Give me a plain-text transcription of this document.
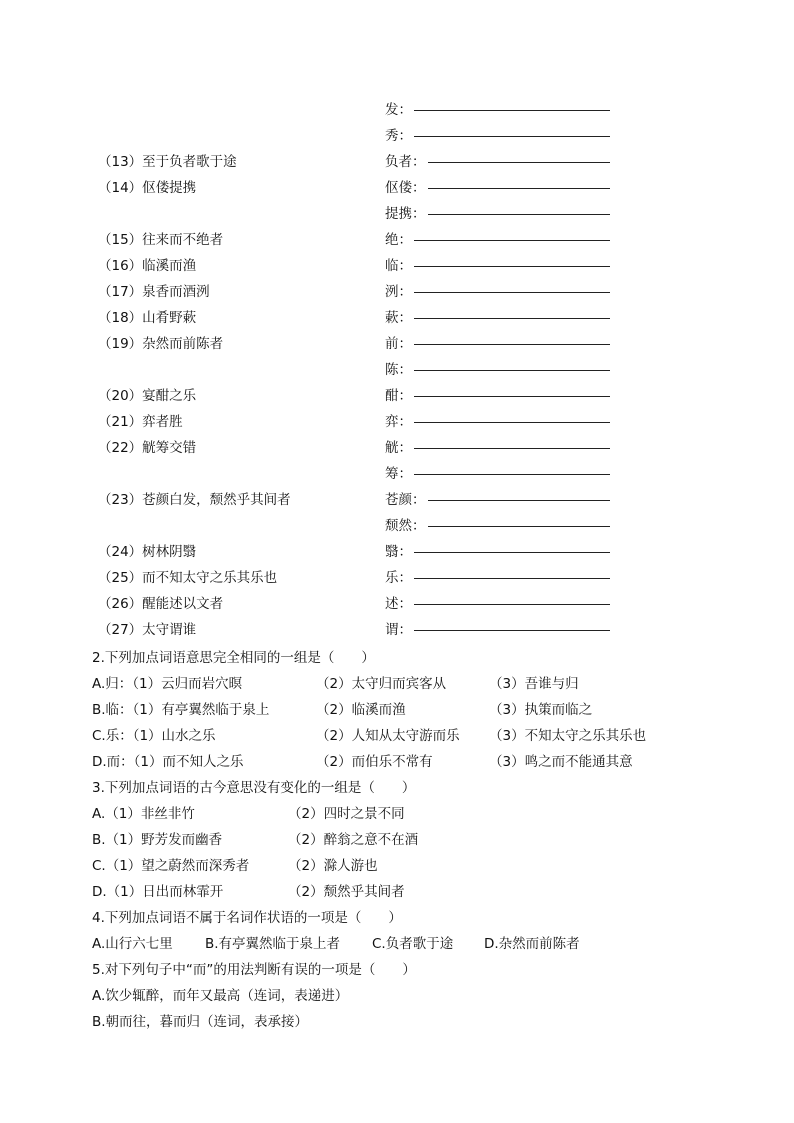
发：
秀：
（13）至于负者歌于途	负者：
（14）伛偻提携	伛偻：
提携：
（15）往来而不绝者	绝：
（16）临溪而渔	临：
（17）泉香而酒洌	洌：
（18）山肴野蔌	蔌：
（19）杂然而前陈者	前：
陈：
（20）宴酣之乐	酣：
（21）弈者胜	弈：
（22）觥筹交错	觥：
筹：
（23）苍颜白发，颓然乎其间者	苍颜：
颓然：
（24）树林阴翳	翳：
（25）而不知太守之乐其乐也	乐：
（26）醒能述以文者	述：
（27）太守谓谁	谓：
2.下列加点词语意思完全相同的一组是（　　）
A.归：（1）云归而岩穴暝	（2）太守归而宾客从	（3）吾谁与归
B.临：（1）有亭翼然临于泉上	（2）临溪而渔	（3）执策而临之
C.乐：（1）山水之乐	（2）人知从太守游而乐 （3）不知太守之乐其乐也
D.而：（1）而不知人之乐	（2）而伯乐不常有	（3）鸣之而不能通其意
3.下列加点词语的古今意思没有变化的一组是（　　）
A.（1）非丝非竹	（2）四时之景不同
B.（1）野芳发而幽香	（2）醉翁之意不在酒
C.（1）望之蔚然而深秀者	（2）滁人游也
D.（1）日出而林霏开	（2）颓然乎其间者
4.下列加点词语不属于名词作状语的一项是（　　）
A.山行六七里 B.有亭翼然临于泉上者 C.负者歌于途 D.杂然而前陈者
5.对下列句子中“而”的用法判断有误的一项是（　　）
A.饮少辄醉，而年又最高（连词，表递进）
B.朝而往，暮而归（连词，表承接）
